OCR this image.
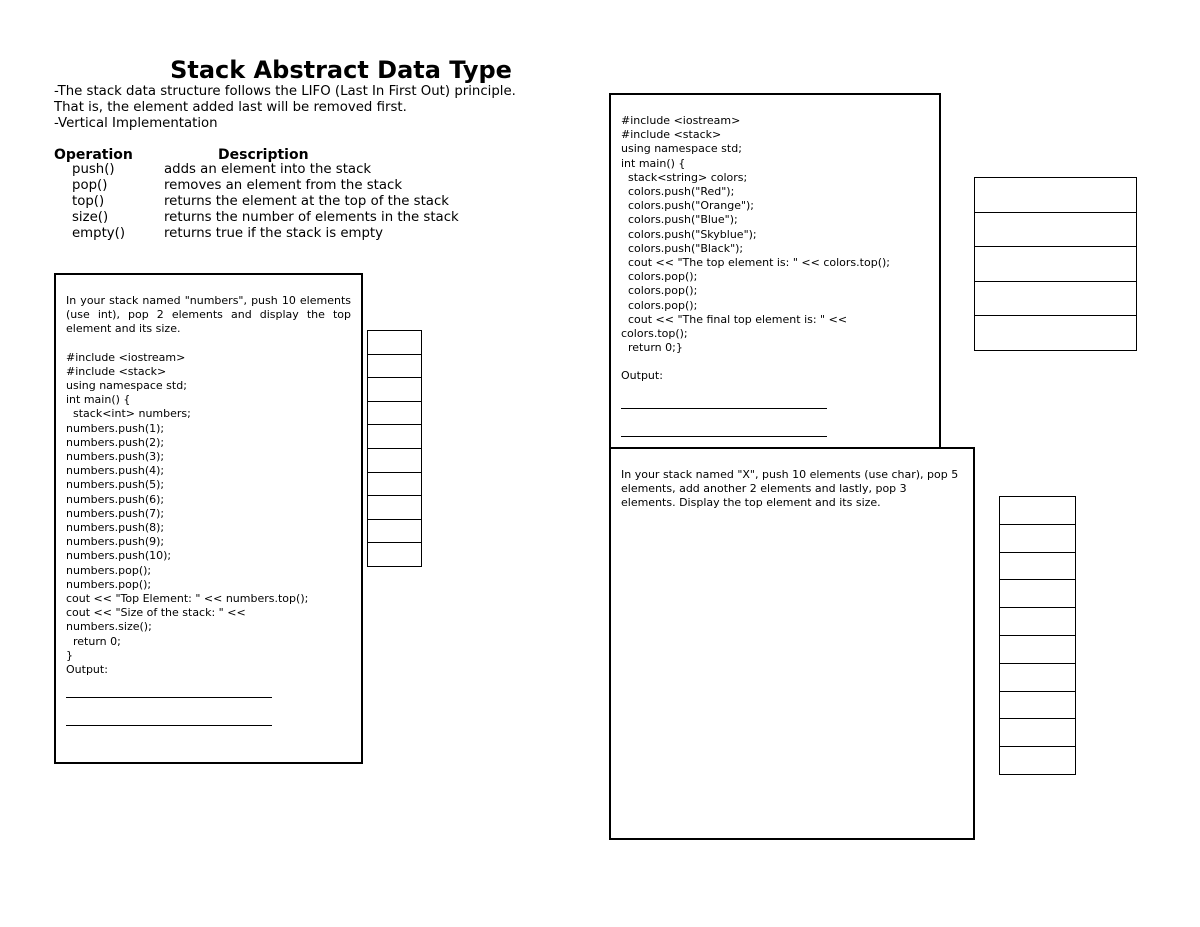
Stack Abstract Data Type
-The stack data structure follows the LIFO (Last In First Out) principle.
That is, the element added last will be removed first.
-Vertical Implementation
Operation	Description
push()	adds an element into the stack
pop()	removes an element from the stack
top()	returns the element at the top of the stack
size()	returns the number of elements in the stack
empty()	returns true if the stack is empty
In your stack named "numbers", push 10 elements (use int), pop 2 elements and display the top element and its size.
#include <iostream>
#include <stack>
using namespace std;
int main() {
stack<int> numbers;
numbers.push(1);
numbers.push(2);
numbers.push(3);
numbers.push(4);
numbers.push(5);
numbers.push(6);
numbers.push(7);
numbers.push(8);
numbers.push(9);
numbers.push(10);
numbers.pop();
numbers.pop();
cout << "Top Element: " << numbers.top();
cout << "Size of the stack: " <<
numbers.size();
return 0;
}
Output:

#include <iostream>
#include <stack>
using namespace std;
int main() {
stack<string> colors;
colors.push("Red");
colors.push("Orange");
colors.push("Blue");
colors.push("Skyblue");
colors.push("Black");
cout << "The top element is: " << colors.top();
colors.pop();
colors.pop();
colors.pop();
cout << "The final top element is: " <<
colors.top();
return 0;}
Output:

In your stack named "X", push 10 elements (use char), pop 5 elements, add another 2 elements and lastly, pop 3 elements. Display the top element and its size.
